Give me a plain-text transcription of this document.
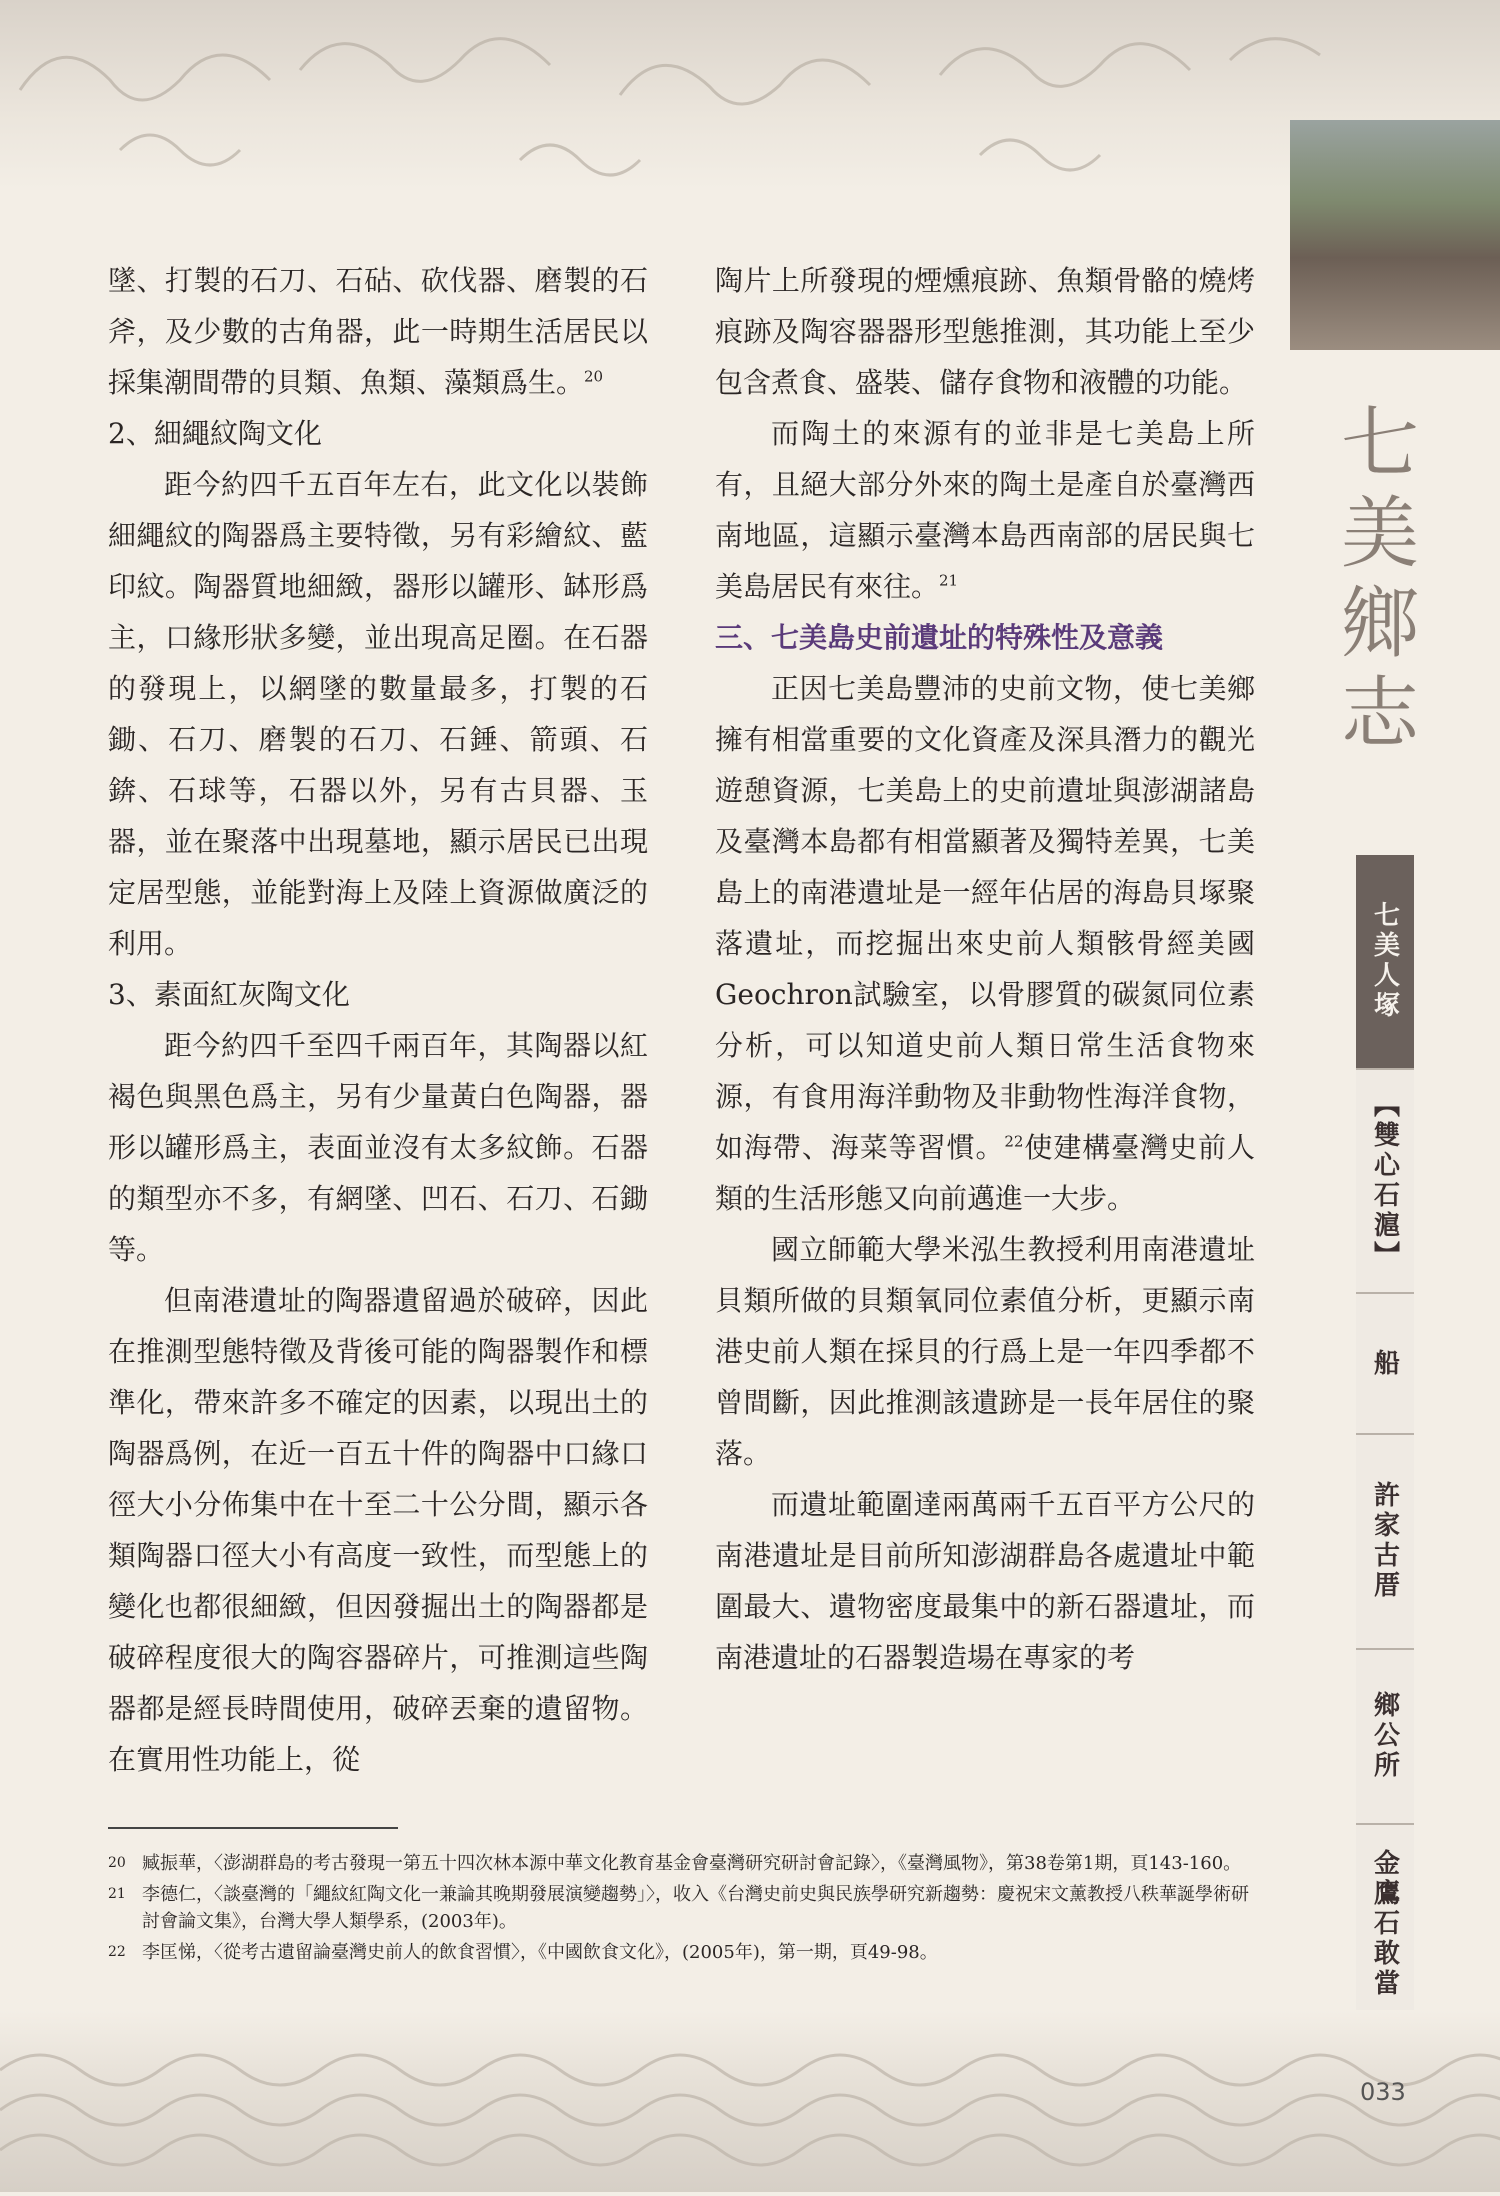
七
美
鄉
志
七美人塚
【雙心石滬】
船
許家古厝
鄉公所
金鷹石敢當

墜、打製的石刀、石砧、砍伐器、磨製的石斧，及少數的古角器，此一時期生活居民以採集潮間帶的貝類、魚類、藻類爲生。$^{20}$

2、細繩紋陶文化

距今約四千五百年左右，此文化以裝飾細繩紋的陶器爲主要特徵，另有彩繪紋、藍印紋。陶器質地細緻，器形以罐形、缽形爲主，口緣形狀多變，並出現高足圈。在石器的發現上，以網墜的數量最多，打製的石鋤、石刀、磨製的石刀、石錘、箭頭、石錛、石球等，石器以外，另有古貝器、玉器，並在聚落中出現墓地，顯示居民已出現定居型態，並能對海上及陸上資源做廣泛的利用。

3、素面紅灰陶文化

距今約四千至四千兩百年，其陶器以紅褐色與黑色爲主，另有少量黃白色陶器，器形以罐形爲主，表面並沒有太多紋飾。石器的類型亦不多，有網墜、凹石、石刀、石鋤等。

但南港遺址的陶器遺留過於破碎，因此在推測型態特徵及背後可能的陶器製作和標準化，帶來許多不確定的因素，以現出土的陶器爲例，在近一百五十件的陶器中口緣口徑大小分佈集中在十至二十公分間，顯示各類陶器口徑大小有高度一致性，而型態上的變化也都很細緻，但因發掘出土的陶器都是破碎程度很大的陶容器碎片，可推測這些陶器都是經長時間使用，破碎丟棄的遺留物。在實用性功能上，從

陶片上所發現的煙燻痕跡、魚類骨骼的燒烤痕跡及陶容器器形型態推測，其功能上至少包含煮食、盛裝、儲存食物和液體的功能。

而陶土的來源有的並非是七美島上所有，且絕大部分外來的陶土是產自於臺灣西南地區，這顯示臺灣本島西南部的居民與七美島居民有來往。$^{21}$

三、七美島史前遺址的特殊性及意義

正因七美島豐沛的史前文物，使七美鄉擁有相當重要的文化資產及深具潛力的觀光遊憩資源，七美島上的史前遺址與澎湖諸島及臺灣本島都有相當顯著及獨特差異，七美島上的南港遺址是一經年佔居的海島貝塚聚落遺址，而挖掘出來史前人類骸骨經美國Geochron試驗室，以骨膠質的碳氮同位素分析，可以知道史前人類日常生活食物來源，有食用海洋動物及非動物性海洋食物，如海帶、海菜等習慣。$^{22}$使建構臺灣史前人類的生活形態又向前邁進一大步。

國立師範大學米泓生教授利用南港遺址貝類所做的貝類氧同位素值分析，更顯示南港史前人類在採貝的行爲上是一年四季都不曾間斷，因此推測該遺跡是一長年居住的聚落。

而遺址範圍達兩萬兩千五百平方公尺的南港遺址是目前所知澎湖群島各處遺址中範圍最大、遺物密度最集中的新石器遺址，而南港遺址的石器製造場在專家的考

20 臧振華，〈澎湖群島的考古發現一第五十四次林本源中華文化教育基金會臺灣研究研討會記錄〉，《臺灣風物》，第38卷第1期，頁143-160。
21 李德仁，〈談臺灣的「繩紋紅陶文化一兼論其晚期發展演變趨勢」〉，收入《台灣史前史與民族學研究新趨勢：慶祝宋文薰教授八秩華誕學術研討會論文集》，台灣大學人類學系，(2003年)。
22 李匡悌，〈從考古遺留論臺灣史前人的飲食習慣〉，《中國飲食文化》，(2005年)，第一期，頁49-98。
033
